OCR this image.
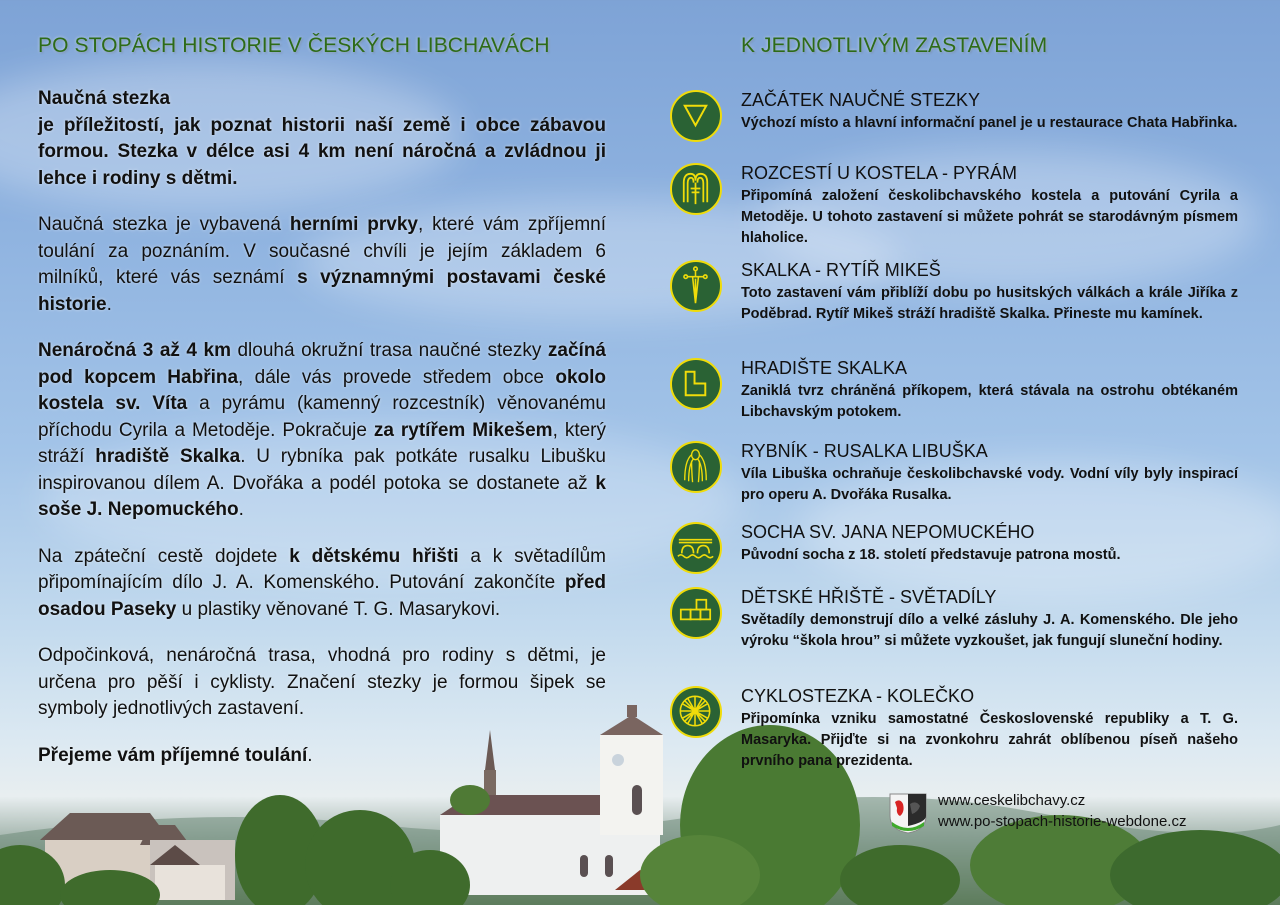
PO STOPÁCH HISTORIE V ČESKÝCH LIBCHAVÁCH	K JEDNOTLIVÝM ZASTAVENÍM

Naučná stezka
je příležitostí, jak poznat historii naší země i obce zábavou formou. Stezka v délce asi 4 km není náročná a zvládnou ji lehce i rodiny s dětmi.

Naučná stezka je vybavená herními prvky, které vám zpříjemní toulání za poznáním. V současné chvíli je jejím základem 6 milníků, které vás seznámí s významnými postavami české historie.

Nenáročná 3 až 4 km dlouhá okružní trasa naučné stezky začíná pod kopcem Habřina, dále vás provede středem obce okolo kostela sv. Víta a pyrámu (kamenný rozcestník) věnovanému příchodu Cyrila a Metoděje. Pokračuje za rytířem Mikešem, který stráží hradiště Skalka. U rybníka pak potkáte rusalku Libušku inspirovanou dílem A. Dvořáka a podél potoka se dostanete až k soše J. Nepomuckého.

Na zpáteční cestě dojdete k dětskému hřišti a k světadílům připomínajícím dílo J. A. Komenského. Putování zakončíte před osadou Paseky u plastiky věnované T. G. Masarykovi.

Odpočinková, nenáročná trasa, vhodná pro rodiny s dětmi, je určena pro pěší i cyklisty. Značení stezky je formou šipek se symboly jednotlivých zastavení.

Přejeme vám příjemné toulání.

ZAČÁTEK NAUČNÉ STEZKY
Výchozí místo a hlavní informační panel je u restaurace Chata Habřinka.
ROZCESTÍ U KOSTELA - PYRÁM
Připomíná založení českolibchavského kostela a putování Cyrila a Metoděje. U tohoto zastavení si můžete pohrát se starodávným písmem hlaholice.
SKALKA - RYTÍŘ MIKEŠ
Toto zastavení vám přiblíží dobu po husitských válkách a krále Jiříka z Poděbrad. Rytíř Mikeš stráží hradiště Skalka. Přineste mu kamínek.
HRADIŠTE SKALKA
Zaniklá tvrz chráněná příkopem, která stávala na ostrohu obtékaném Libchavským potokem.
RYBNÍK - RUSALKA LIBUŠKA
Víla Libuška ochraňuje českolibchavské vody. Vodní víly byly inspirací pro operu A. Dvořáka Rusalka.
SOCHA SV. JANA NEPOMUCKÉHO
Původní socha z 18. století představuje patrona mostů.
DĚTSKÉ HŘIŠTĚ - SVĚTADÍLY
Světadíly demonstrují dílo a velké zásluhy J. A. Komenského. Dle jeho výroku “škola hrou” si můžete vyzkoušet, jak fungují sluneční hodiny.
CYKLOSTEZKA - KOLEČKO
Připomínka vzniku samostatné Československé republiky a T. G. Masaryka. Přijďte si na zvonkohru zahrát oblíbenou píseň našeho prvního pana prezidenta.
www.ceskelibchavy.cz
www.po-stopach-historie-webdone.cz
